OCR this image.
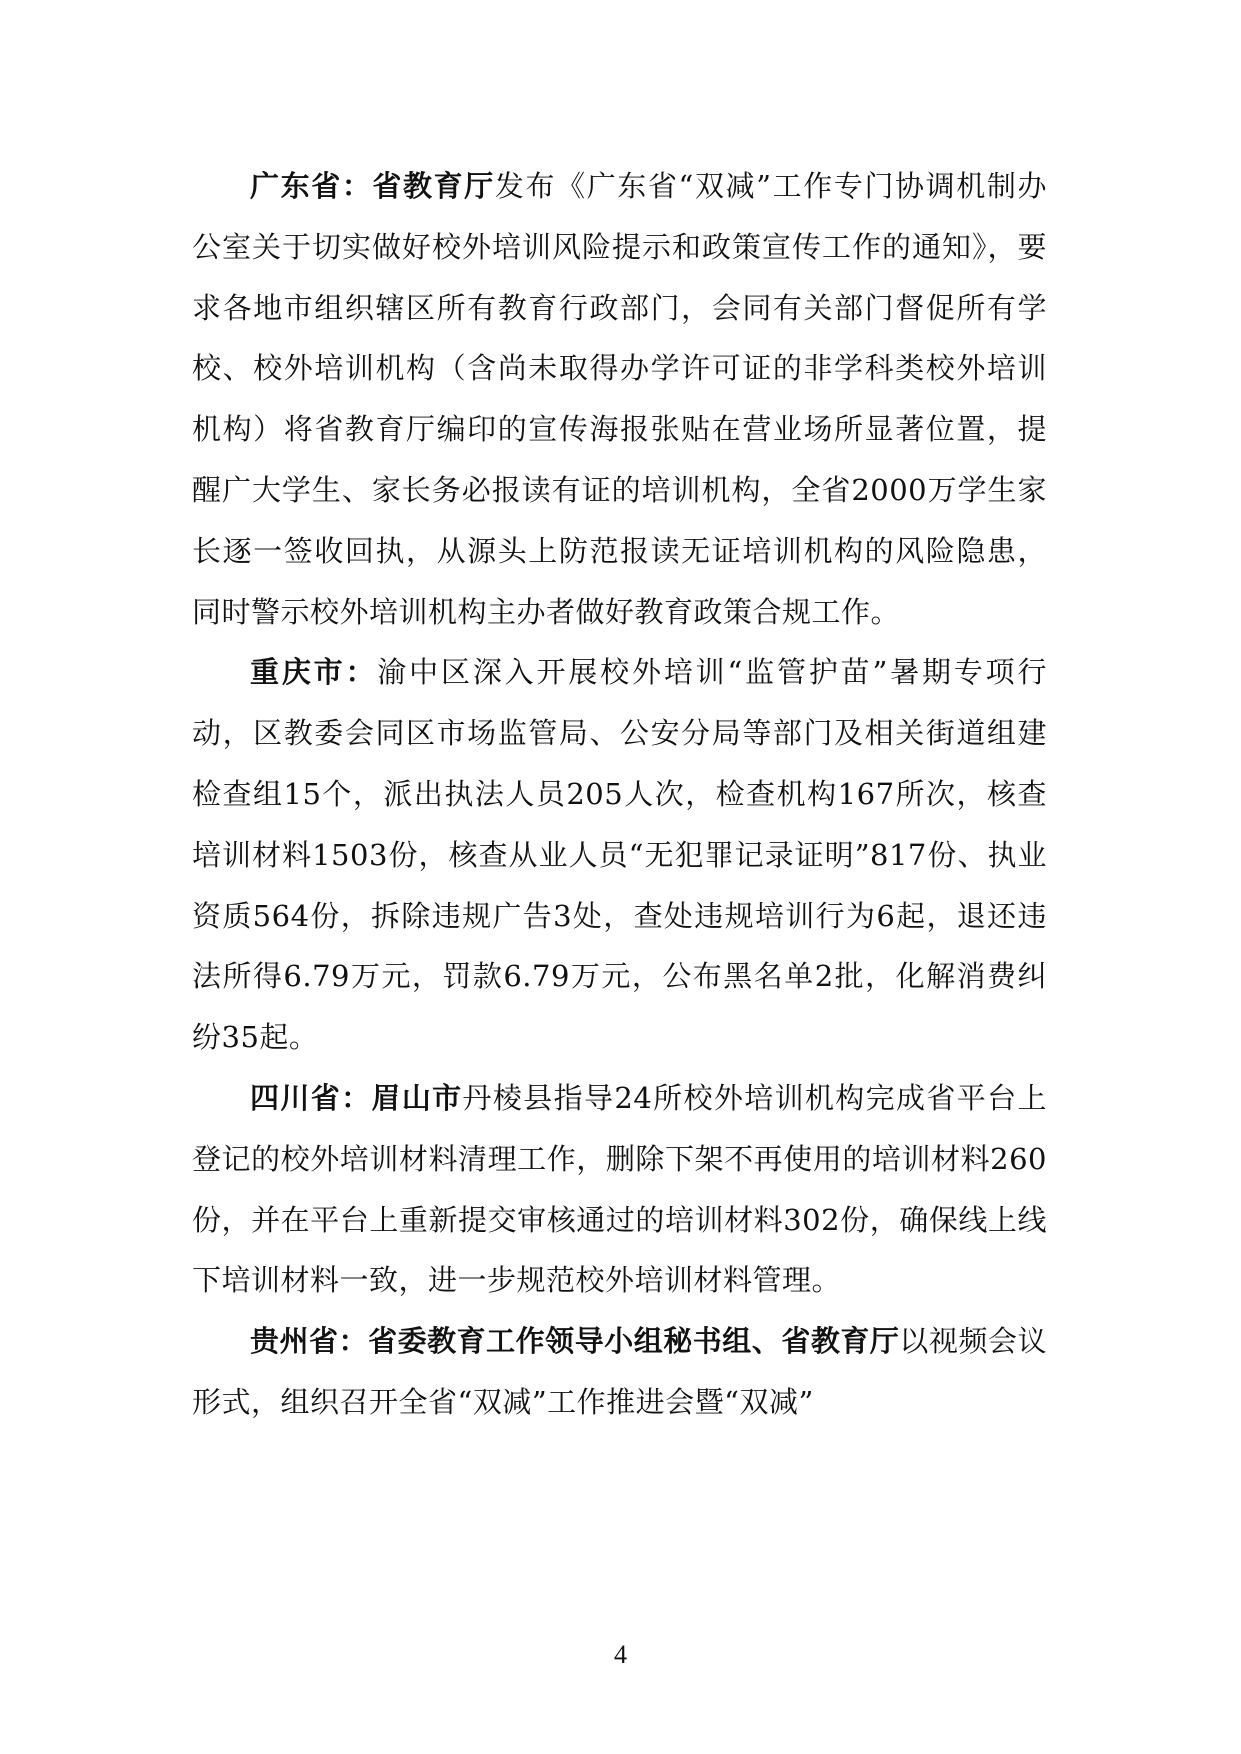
广东省：省教育厅发布《广东省“双减”工作专门协调机制办公室关于切实做好校外培训风险提示和政策宣传工作的通知》，要求各地市组织辖区所有教育行政部门，会同有关部门督促所有学校、校外培训机构（含尚未取得办学许可证的非学科类校外培训机构）将省教育厅编印的宣传海报张贴在营业场所显著位置，提醒广大学生、家长务必报读有证的培训机构，全省2000万学生家长逐一签收回执，从源头上防范报读无证培训机构的风险隐患，同时警示校外培训机构主办者做好教育政策合规工作。

重庆市：渝中区深入开展校外培训“监管护苗”暑期专项行动，区教委会同区市场监管局、公安分局等部门及相关街道组建检查组15个，派出执法人员205人次，检查机构167所次，核查培训材料1503份，核查从业人员“无犯罪记录证明”817份、执业资质564份，拆除违规广告3处，查处违规培训行为6起，退还违法所得6.79万元，罚款6.79万元，公布黑名单2批，化解消费纠纷35起。

四川省：眉山市丹棱县指导24所校外培训机构完成省平台上登记的校外培训材料清理工作，删除下架不再使用的培训材料260份，并在平台上重新提交审核通过的培训材料302份，确保线上线下培训材料一致，进一步规范校外培训材料管理。

贵州省：省委教育工作领导小组秘书组、省教育厅以视频会议形式，组织召开全省“双减”工作推进会暨“双减”

4
